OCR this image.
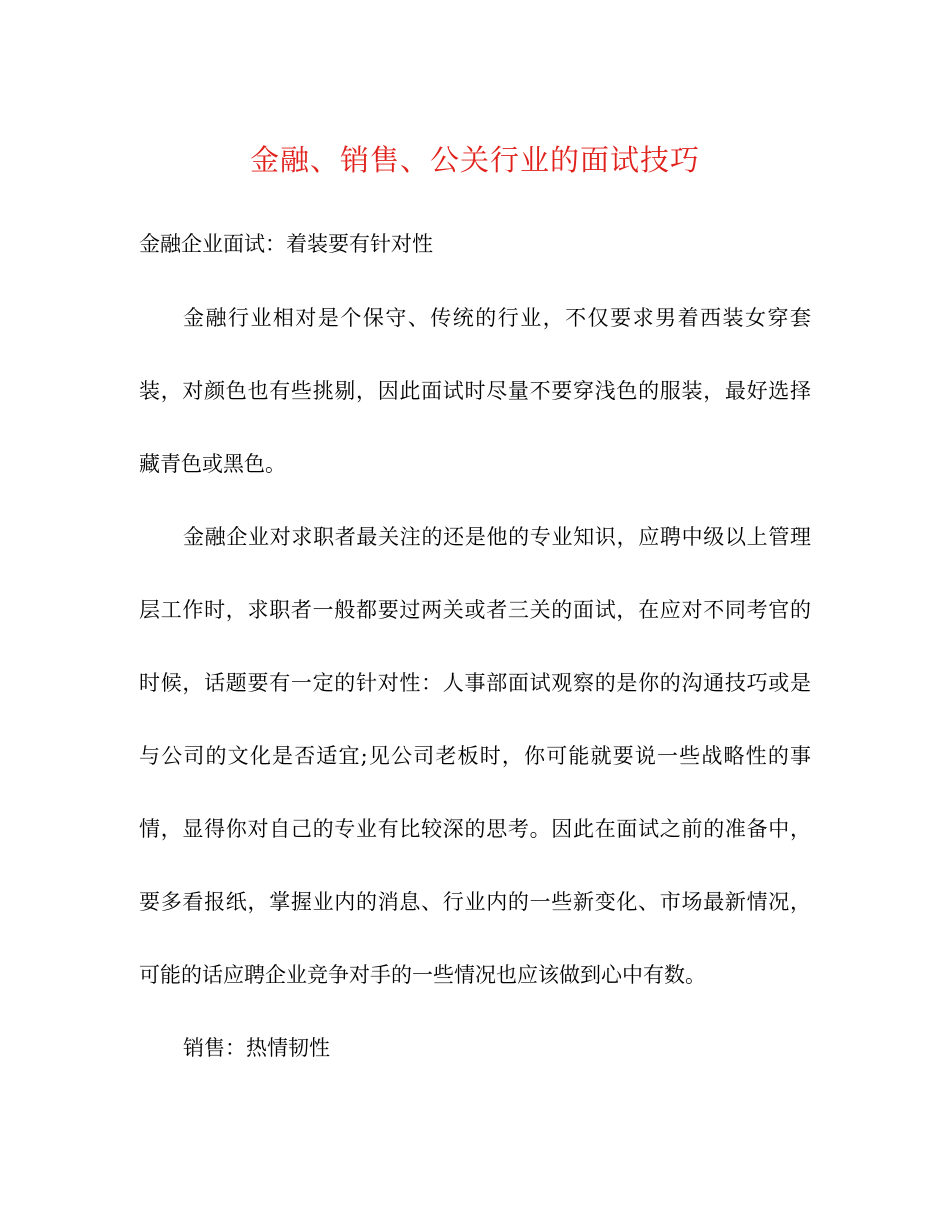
金融、销售、公关行业的面试技巧
金融企业面试：着装要有针对性
金融行业相对是个保守、传统的行业，不仅要求男着西装女穿套
装，对颜色也有些挑剔，因此面试时尽量不要穿浅色的服装，最好选择
藏青色或黑色。
金融企业对求职者最关注的还是他的专业知识，应聘中级以上管理
层工作时，求职者一般都要过两关或者三关的面试，在应对不同考官的
时候，话题要有一定的针对性：人事部面试观察的是你的沟通技巧或是
与公司的文化是否适宜;见公司老板时，你可能就要说一些战略性的事
情，显得你对自己的专业有比较深的思考。因此在面试之前的准备中，
要多看报纸，掌握业内的消息、行业内的一些新变化、市场最新情况，
可能的话应聘企业竞争对手的一些情况也应该做到心中有数。
销售：热情韧性
